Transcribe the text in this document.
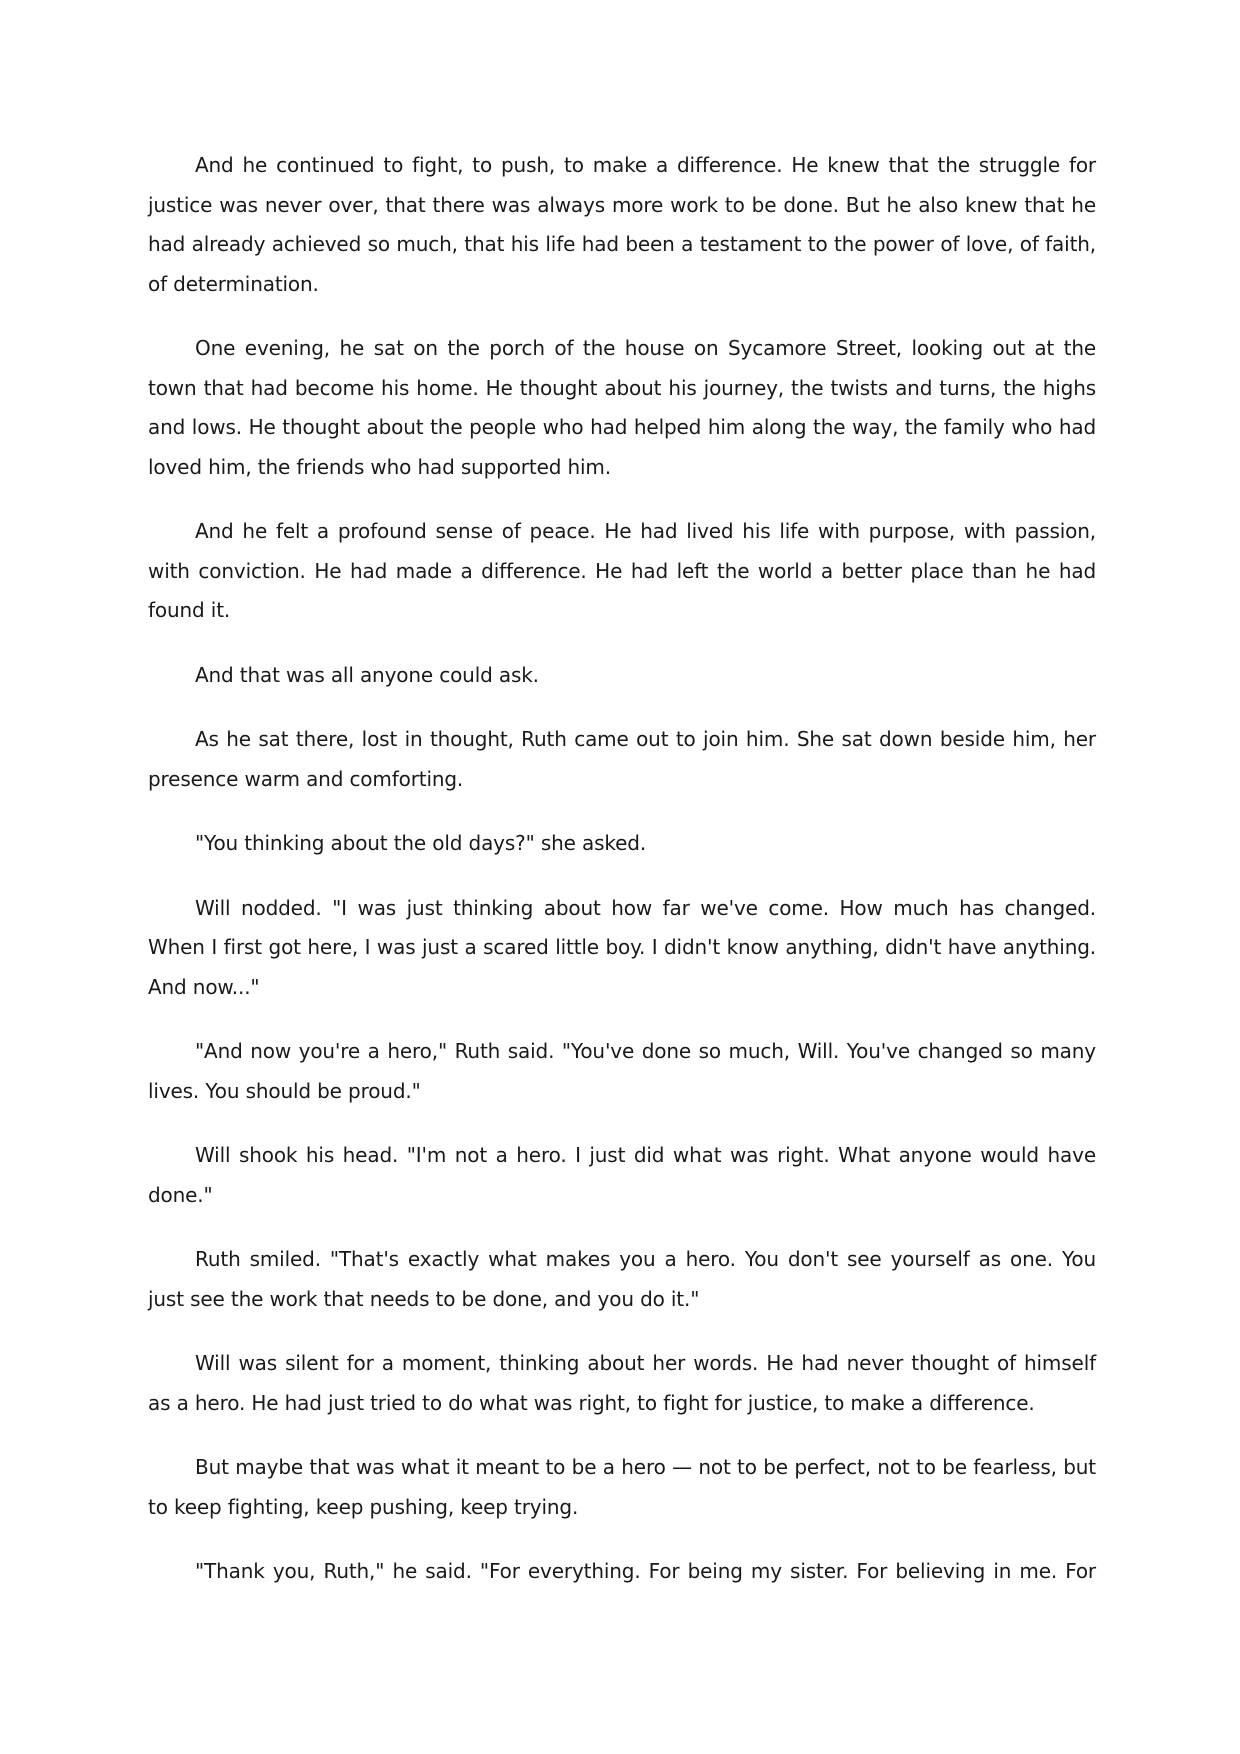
And he continued to fight, to push, to make a difference. He knew that the struggle for justice was never over, that there was always more work to be done. But he also knew that he had already achieved so much, that his life had been a testament to the power of love, of faith, of determination.

One evening, he sat on the porch of the house on Sycamore Street, looking out at the town that had become his home. He thought about his journey, the twists and turns, the highs and lows. He thought about the people who had helped him along the way, the family who had loved him, the friends who had supported him.

And he felt a profound sense of peace. He had lived his life with purpose, with passion, with conviction. He had made a difference. He had left the world a better place than he had found it.

And that was all anyone could ask.

As he sat there, lost in thought, Ruth came out to join him. She sat down beside him, her presence warm and comforting.

"You thinking about the old days?" she asked.

Will nodded. "I was just thinking about how far we've come. How much has changed. When I first got here, I was just a scared little boy. I didn't know anything, didn't have anything. And now..."

"And now you're a hero," Ruth said. "You've done so much, Will. You've changed so many lives. You should be proud."

Will shook his head. "I'm not a hero. I just did what was right. What anyone would have done."

Ruth smiled. "That's exactly what makes you a hero. You don't see yourself as one. You just see the work that needs to be done, and you do it."

Will was silent for a moment, thinking about her words. He had never thought of himself as a hero. He had just tried to do what was right, to fight for justice, to make a difference.

But maybe that was what it meant to be a hero — not to be perfect, not to be fearless, but to keep fighting, keep pushing, keep trying.

"Thank you, Ruth," he said. "For everything. For being my sister. For believing in me. For
